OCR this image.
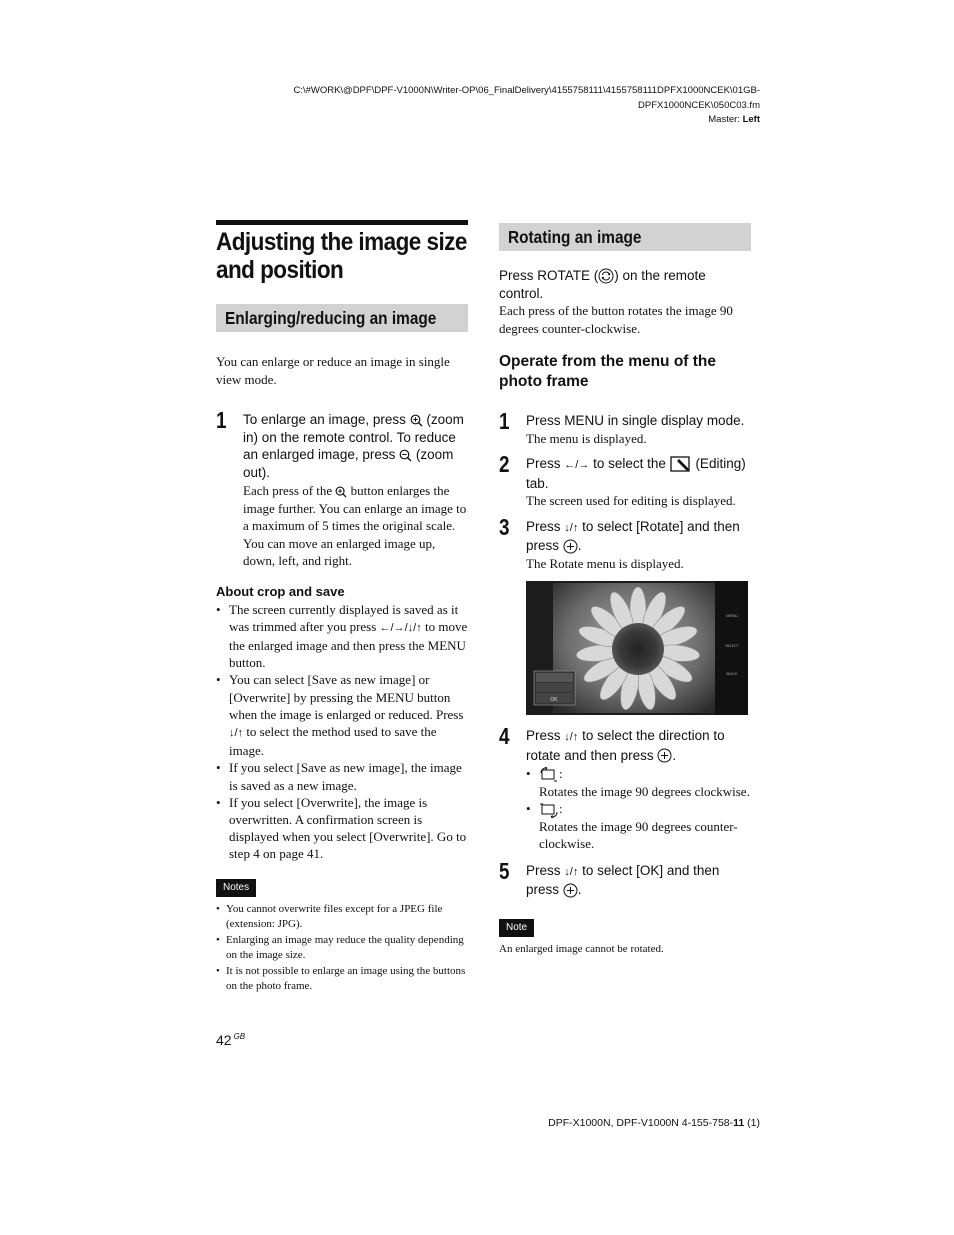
C:\#WORK\@DPF\DPF-V1000N\Writer-OP\06_FinalDelivery\4155758111\4155758111DPFX1000NCEK\01GB-
DPFX1000NCEK\050C03.fm
Master: Left
Adjusting the image size
and position
Enlarging/reducing an image

You can enlarge or reduce an image in single view mode.

1 To enlarge an image, press (zoom in) on the remote control. To reduce an enlarged image, press (zoom out).
Each press of the button enlarges the image further. You can enlarge an image to a maximum of 5 times the original scale. You can move an enlarged image up, down, left, and right.
About crop and save
• The screen currently displayed is saved as it was trimmed after you press ←/→/↓/↑ to move the enlarged image and then press the MENU button.
• You can select [Save as new image] or [Overwrite] by pressing the MENU button when the image is enlarged or reduced. Press
↓/↑ to select the method used to save the image.
• If you select [Save as new image], the image is saved as a new image.
• If you select [Overwrite], the image is overwritten. A confirmation screen is displayed when you select [Overwrite]. Go to step 4 on page 41.
Notes
• You cannot overwrite files except for a JPEG file (extension: JPG).
• Enlarging an image may reduce the quality depending on the image size.
• It is not possible to enlarge an image using the buttons on the photo frame.
Rotating an image
Press ROTATE ( ) on the remote control.
Each press of the button rotates the image 90 degrees counter-clockwise.
Operate from the menu of the photo frame
1 Press MENU in single display mode.
The menu is displayed.
2 Press ←/→ to select the (Editing) tab.
The screen used for editing is displayed.
3 Press ↓/↑ to select [Rotate] and then press .
The Rotate menu is displayed.
MENU
SELECT
BACK
OK
4 Press ↓/↑ to select the direction to rotate and then press .
• :
Rotates the image 90 degrees clockwise.
• :
Rotates the image 90 degrees counter-clockwise.
5 Press ↓/↑ to select [OK] and then press .
Note
An enlarged image cannot be rotated.
42 $^{GB}$
DPF-X1000N, DPF-V1000N 4-155-758-11 (1)
